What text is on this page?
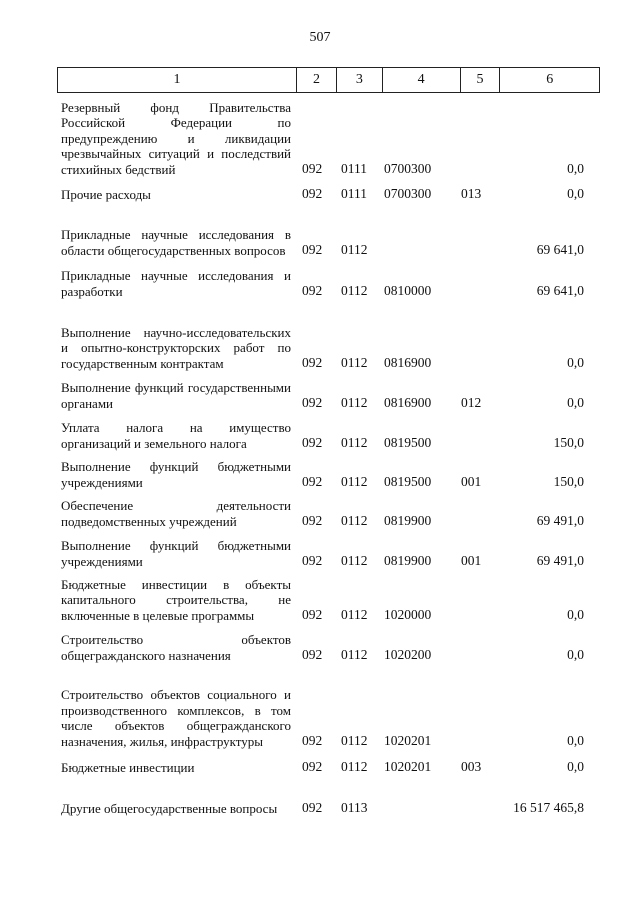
507
1	2	3	4	5	6
Резервный фонд Правительства Российской Федерации по предупреждению и ликвидации чрезвычайных ситуаций и последствий стихийных бедствий	092 0111 0700300	0,0
Прочие расходы	092 0111 0700300 013	0,0
Прикладные научные исследования в области общегосударственных вопросов	092 0112	69 641,0
Прикладные научные исследования и разработки	092 0112 0810000	69 641,0
Выполнение научно-исследовательских и опытно-конструкторских работ по государственным контрактам	092 0112 0816900	0,0
Выполнение функций государственными органами	092 0112 0816900 012	0,0
Уплата налога на имущество организаций и земельного налога	092 0112 0819500	150,0
Выполнение функций бюджетными учреждениями	092 0112 0819500 001	150,0
Обеспечение деятельности подведомственных учреждений	092 0112 0819900	69 491,0
Выполнение функций бюджетными учреждениями	092 0112 0819900 001	69 491,0
Бюджетные инвестиции в объекты капитального строительства, не включенные в целевые программы	092 0112 1020000	0,0
Строительство объектов общегражданского назначения	092 0112 1020200	0,0
Строительство объектов социального и производственного комплексов, в том числе объектов общегражданского назначения, жилья, инфраструктуры	092 0112 1020201	0,0
Бюджетные инвестиции	092 0112 1020201 003	0,0
Другие общегосударственные вопросы	092 0113	16 517 465,8
